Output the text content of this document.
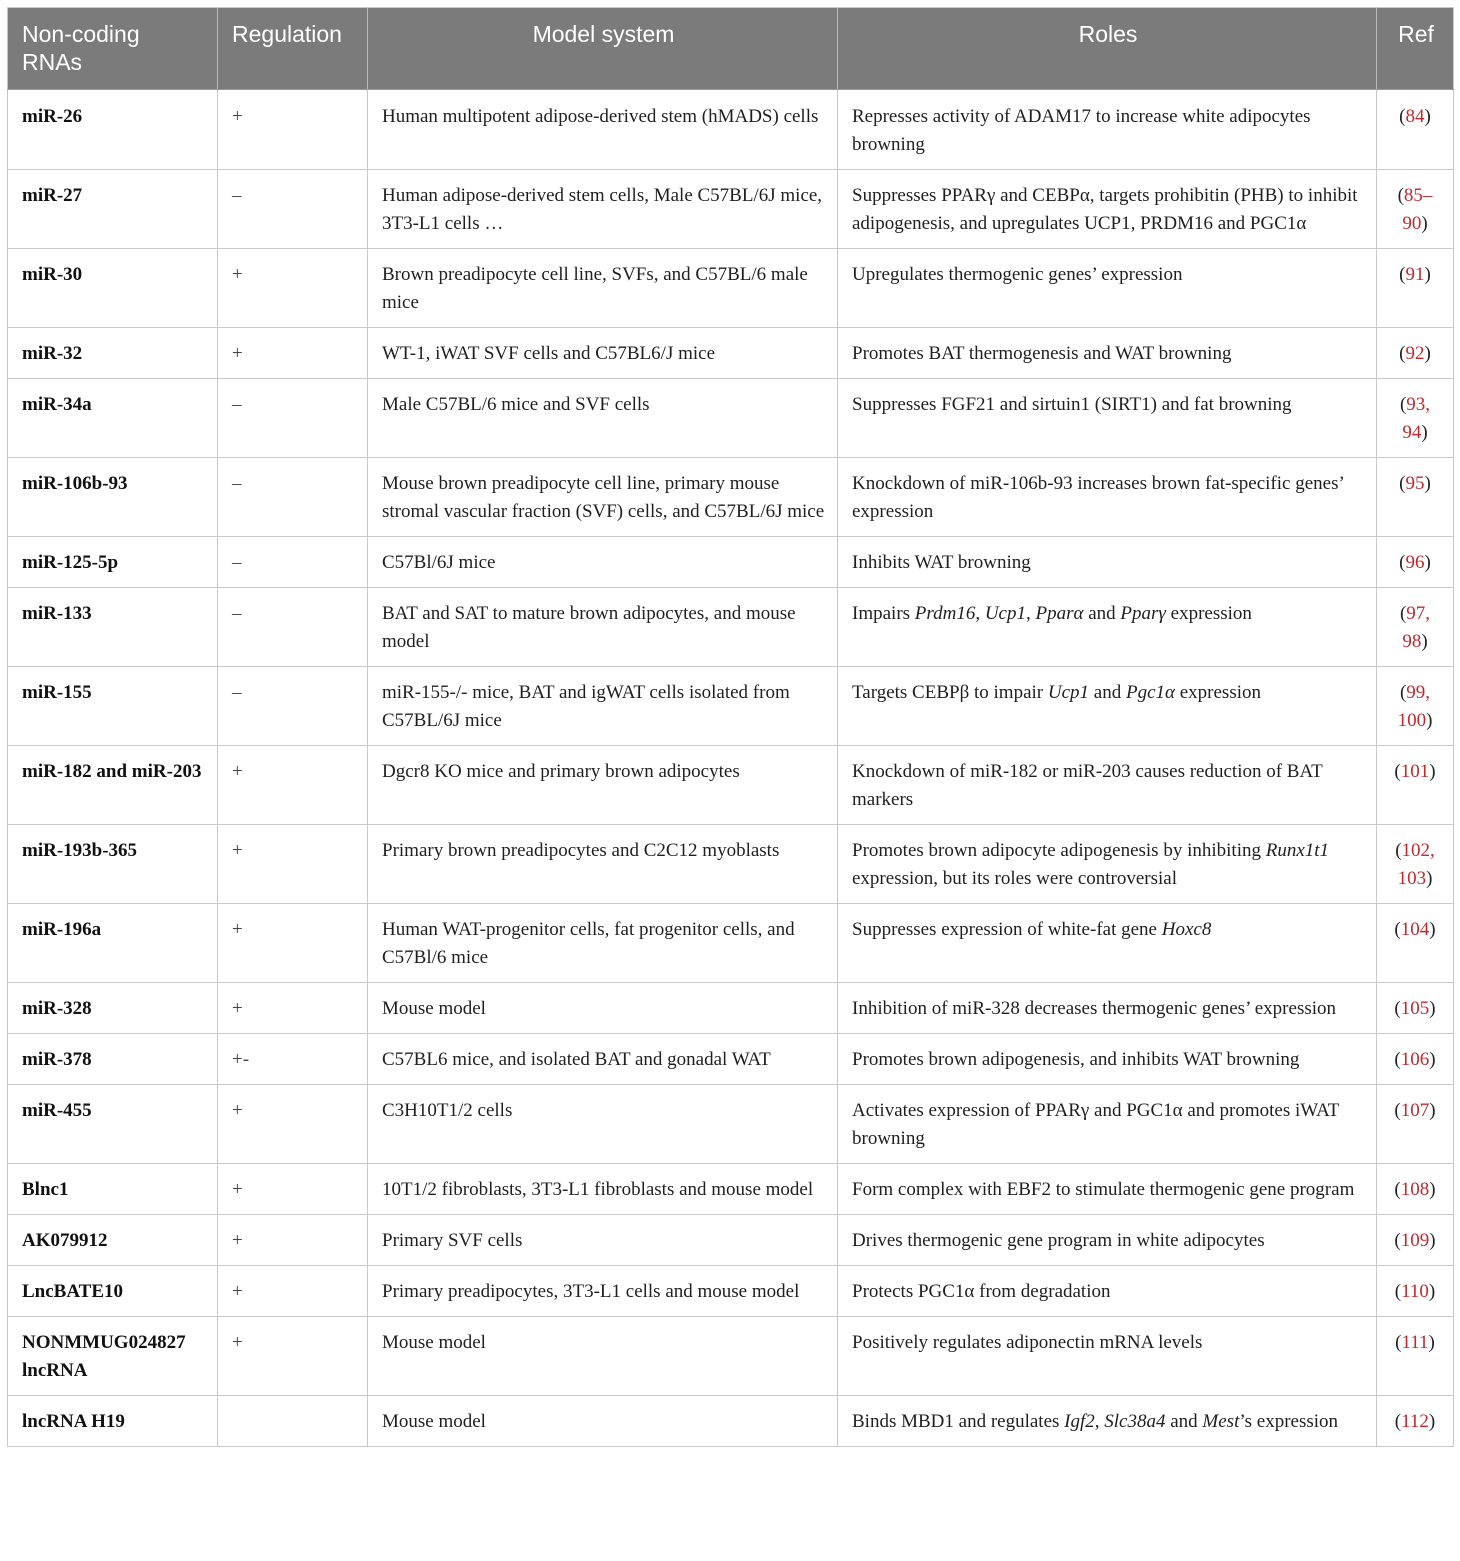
Non-coding RNAs	Regulation	Model system	Roles	Ref
miR-26	+	Human multipotent adipose-derived stem (hMADS) cells	Represses activity of ADAM17 to increase white adipocytes browning	(84)
miR-27	–	Human adipose-derived stem cells, Male C57BL/6J mice, 3T3-L1 cells …	Suppresses PPARγ and CEBPα, targets prohibitin (PHB) to inhibit adipogenesis, and upregulates UCP1, PRDM16 and PGC1α	(85–90)
miR-30	+	Brown preadipocyte cell line, SVFs, and C57BL/6 male mice	Upregulates thermogenic genes’ expression	(91)
miR-32	+	WT-1, iWAT SVF cells and C57BL6/J mice	Promotes BAT thermogenesis and WAT browning	(92)
miR-34a	–	Male C57BL/6 mice and SVF cells	Suppresses FGF21 and sirtuin1 (SIRT1) and fat browning	(93, 94)
miR-106b-93	–	Mouse brown preadipocyte cell line, primary mouse stromal vascular fraction (SVF) cells, and C57BL/6J mice	Knockdown of miR-106b-93 increases brown fat-specific genes’ expression	(95)
miR-125-5p	–	C57Bl/6J mice	Inhibits WAT browning	(96)
miR-133	–	BAT and SAT to mature brown adipocytes, and mouse model	Impairs Prdm16, Ucp1, Pparα and Pparγ expression	(97, 98)
miR-155	–	miR-155-/- mice, BAT and igWAT cells isolated from C57BL/6J mice	Targets CEBPβ to impair Ucp1 and Pgc1α expression	(99, 100)
miR-182 and miR-203	+	Dgcr8 KO mice and primary brown adipocytes	Knockdown of miR-182 or miR-203 causes reduction of BAT markers	(101)
miR-193b-365	+	Primary brown preadipocytes and C2C12 myoblasts	Promotes brown adipocyte adipogenesis by inhibiting Runx1t1 expression, but its roles were controversial	(102, 103)
miR-196a	+	Human WAT-progenitor cells, fat progenitor cells, and C57Bl/6 mice	Suppresses expression of white-fat gene Hoxc8	(104)
miR-328	+	Mouse model	Inhibition of miR-328 decreases thermogenic genes’ expression	(105)
miR-378	+-	C57BL6 mice, and isolated BAT and gonadal WAT	Promotes brown adipogenesis, and inhibits WAT browning	(106)
miR-455	+	C3H10T1/2 cells	Activates expression of PPARγ and PGC1α and promotes iWAT browning	(107)
Blnc1	+	10T1/2 fibroblasts, 3T3-L1 fibroblasts and mouse model	Form complex with EBF2 to stimulate thermogenic gene program	(108)
AK079912	+	Primary SVF cells	Drives thermogenic gene program in white adipocytes	(109)
LncBATE10	+	Primary preadipocytes, 3T3-L1 cells and mouse model	Protects PGC1α from degradation	(110)
NONMMUG024827 lncRNA	+	Mouse model	Positively regulates adiponectin mRNA levels	(111)
lncRNA H19		Mouse model	Binds MBD1 and regulates Igf2, Slc38a4 and Mest’s expression	(112)
